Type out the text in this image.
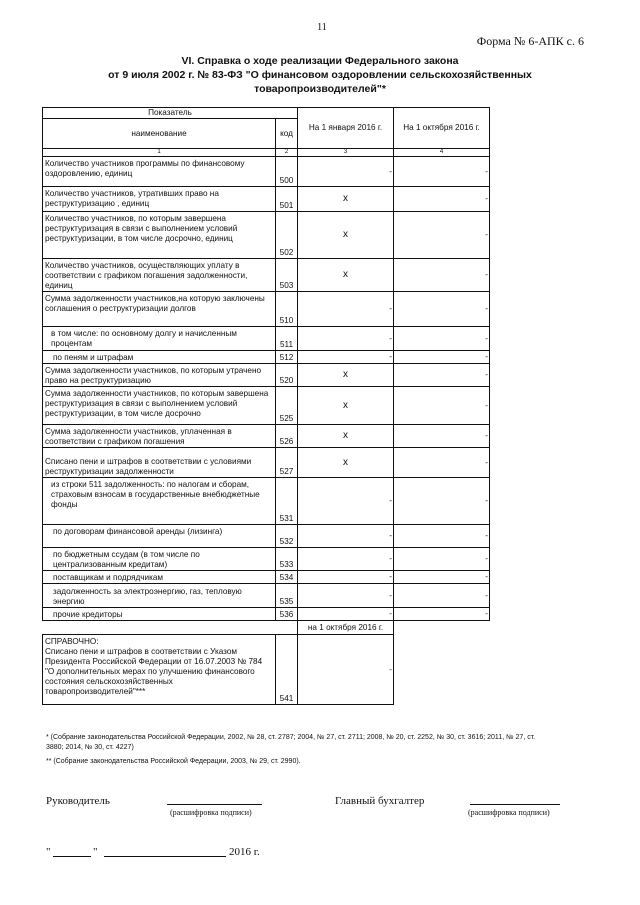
11
Форма № 6-АПК с. 6
VI. Справка о ходе реализации Федерального закона
от 9 июля 2002 г. № 83-ФЗ "О финансовом оздоровлении сельскохозяйственных
товаропроизводителей"*
Показатель		На 1 января 2016 г.	На 1 октября 2016 г.
наименование	код		
1	2	3	4
Количество участников программы по финансовому оздоровлению, единиц	500	-	-
Количество участников, утративших право на реструктуризацию , единиц	501	x	-
Количество участников, по которым завершена реструктуризация в связи с выполнением условий реструктуризации, в том числе досрочно, единиц	502	x	-
Количество участников, осуществляющих уплату в соответствии с графиком погашения задолженности, единиц	503	x	-
Сумма задолженности участников,на которую заключены соглашения о реструктуризации долгов	510	-	-
в том числе: по основному долгу и начисленным процентам	511	-	-
по пеням и штрафам	512	-	-
Сумма задолженности участников, по которым утрачено право на реструктуризацию	520	x	-
Сумма задолженности участников, по которым завершена реструктуризация в связи с выполнением условий реструктуризации, в том числе досрочно	525	x	-
Сумма задолженности участников, уплаченная в соответствии с графиком погашения	526	x	-
Списано пени и штрафов в соответствии с условиями реструктуризации задолженности	527	x	-
из строки 511 задолженность: по налогам и сборам, страховым взносам в государственные внебюджетные фонды	531	-	-
по договорам финансовой аренды (лизинга)	532	-	-
по бюджетным ссудам (в том числе по централизованным кредитам)	533	-	-
поставщикам и подрядчикам	534	-	-
задолженность за электроэнергию, газ, тепловую энергию	535	-	-
прочие кредиторы	536	-	-
		на 1 октября 2016 г.	

СПРАВОЧНО:
Списано пени и штрафов в соответствии с Указом Президента Российской Федерации от 16.07.2003 № 784 "О дополнительных мерах по улучшению финансового состояния сельскохозяйственных товаропроизводителей"***	541	-	
* (Собрание законодательства Российской Федерации, 2002, № 28, ст. 2787; 2004, № 27, ст. 2711; 2008, № 20, ст. 2252, № 30, ст. 3616; 2011, № 27, ст. 3880; 2014, № 30, ст. 4227)
** (Собрание законодательства Российской Федерации, 2003, № 29, ст. 2990).
Руководитель
(расшифровка подписи)
Главный бухгалтер
(расшифровка подписи)
"	"	2016 г.
